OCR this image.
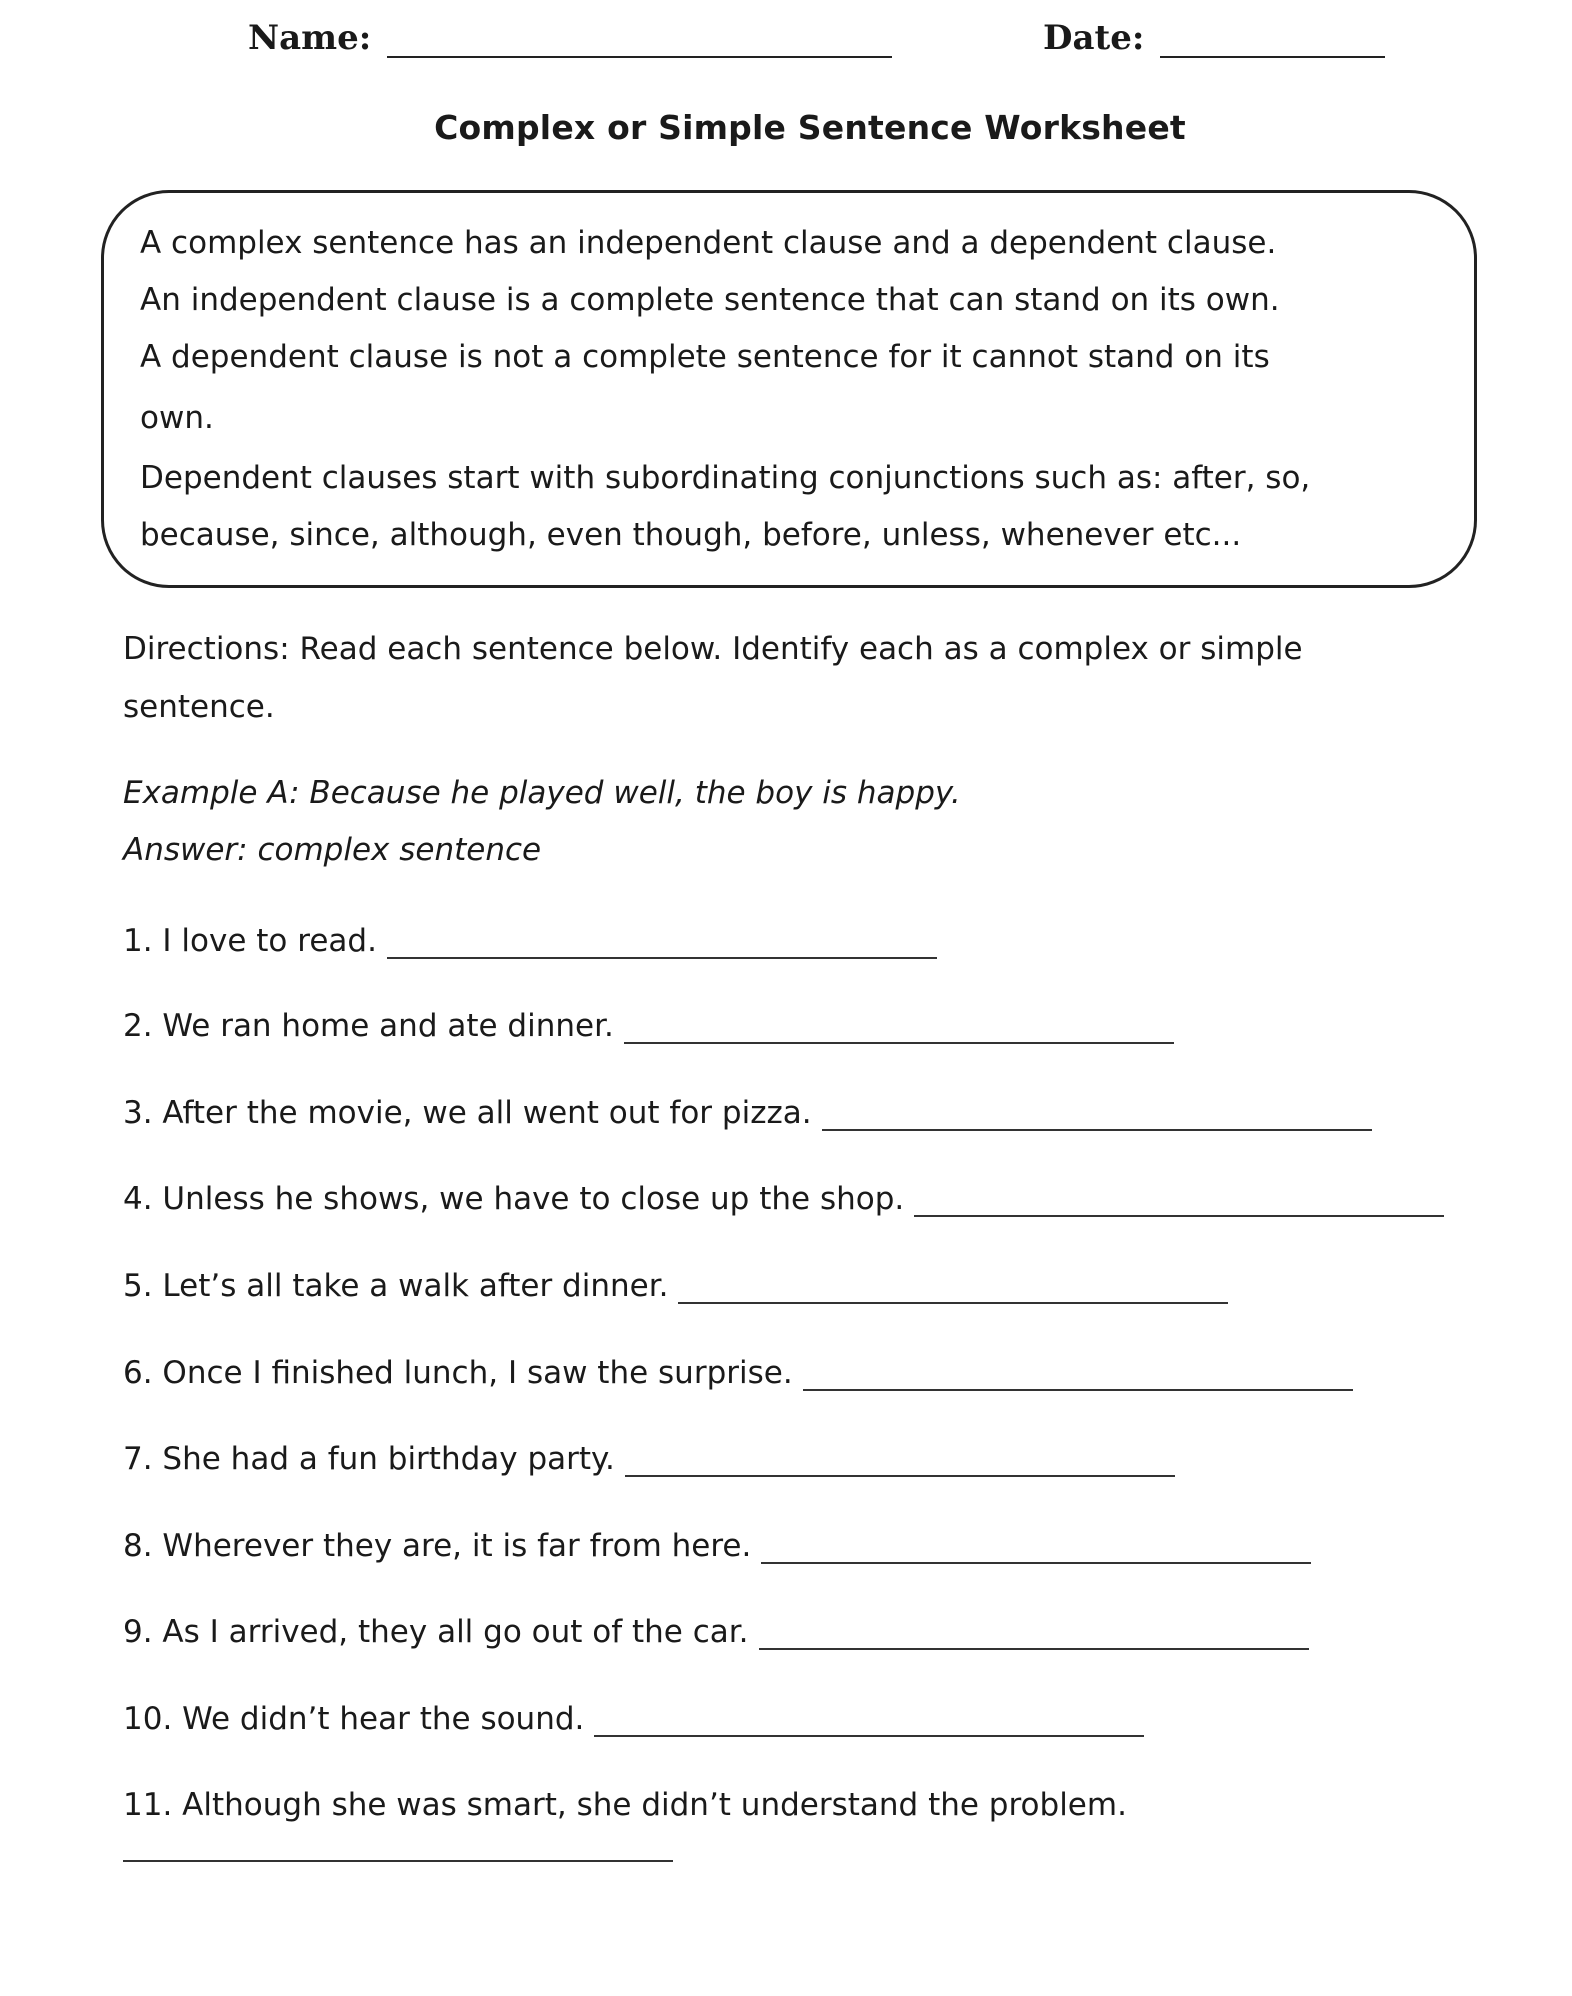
Name:	Date:
Complex or Simple Sentence Worksheet
A complex sentence has an independent clause and a dependent clause.
An independent clause is a complete sentence that can stand on its own.
A dependent clause is not a complete sentence for it cannot stand on its
own.
Dependent clauses start with subordinating conjunctions such as: after, so,
because, since, although, even though, before, unless, whenever etc...
Directions: Read each sentence below. Identify each as a complex or simple
sentence.
Example A: Because he played well, the boy is happy.
Answer: complex sentence
1. I love to read.
2. We ran home and ate dinner.
3. After the movie, we all went out for pizza.
4. Unless he shows, we have to close up the shop.
5. Let’s all take a walk after dinner.
6. Once I finished lunch, I saw the surprise.
7. She had a fun birthday party.
8. Wherever they are, it is far from here.
9. As I arrived, they all go out of the car.
10. We didn’t hear the sound.
11. Although she was smart, she didn’t understand the problem.
